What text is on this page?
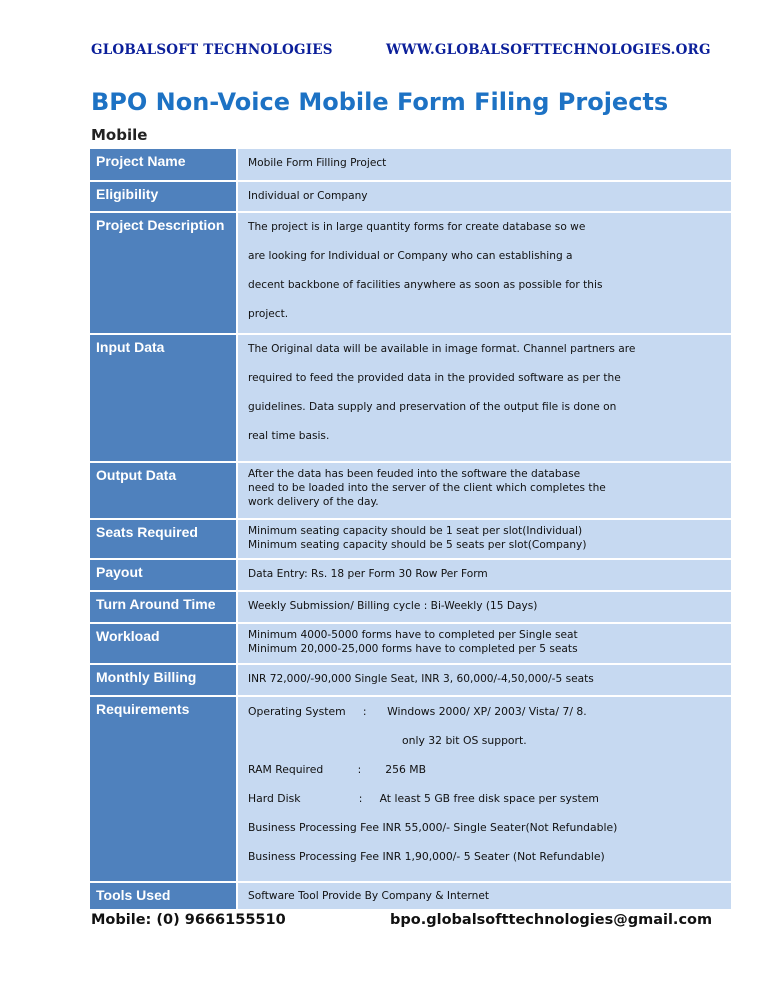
GLOBALSOFT TECHNOLOGIES	WWW.GLOBALSOFTTECHNOLOGIES.ORG
BPO Non-Voice Mobile Form Filing Projects
Mobile
Project Name	Mobile Form Filling Project
Eligibility	Individual or Company
Project Description	The project is in large quantity forms for create database so we
are looking for Individual or Company who can establishing a
decent backbone of facilities anywhere as soon as possible for this
project.
Input Data	The Original data will be available in image format. Channel partners are
required to feed the provided data in the provided software as per the
guidelines. Data supply and preservation of the output file is done on
real time basis.
Output Data	After the data has been feuded into the software the database
need to be loaded into the server of the client which completes the
work delivery of the day.
Seats Required	Minimum seating capacity should be 1 seat per slot(Individual)
Minimum seating capacity should be 5 seats per slot(Company)
Payout	Data Entry: Rs. 18 per Form 30 Row Per Form
Turn Around Time	Weekly Submission/ Billing cycle : Bi-Weekly (15 Days)
Workload	Minimum 4000-5000 forms have to completed per Single seat
Minimum 20,000-25,000 forms have to completed per 5 seats
Monthly Billing	INR 72,000/-90,000 Single Seat, INR 3, 60,000/-4,50,000/-5 seats
Requirements	Operating System     :      Windows 2000/ XP/ 2003/ Vista/ 7/ 8.
only 32 bit OS support.
RAM Required          :       256 MB
Hard Disk                 :     At least 5 GB free disk space per system
Business Processing Fee INR 55,000/- Single Seater(Not Refundable)
Business Processing Fee INR 1,90,000/- 5 Seater (Not Refundable)
Tools Used	Software Tool Provide By Company & Internet
Mobile: (0) 9666155510	bpo.globalsofttechnologies@gmail.com
